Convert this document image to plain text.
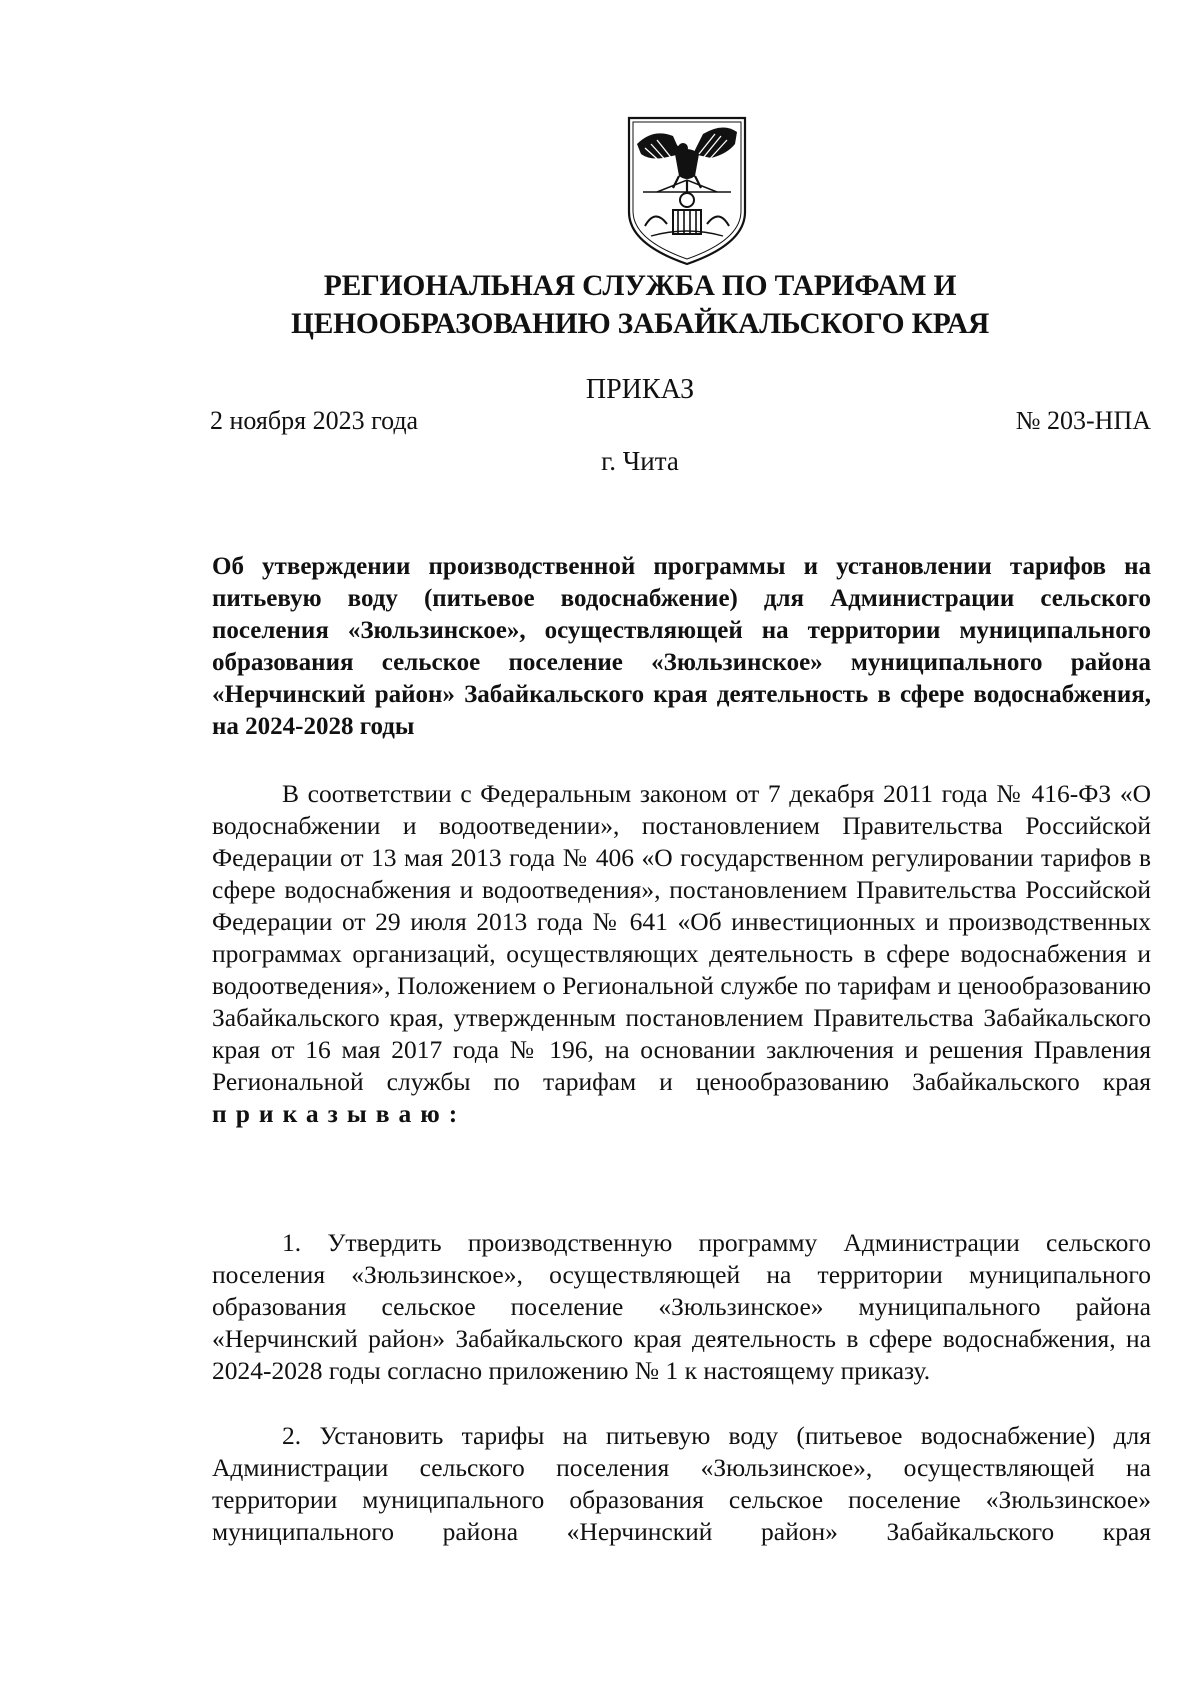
РЕГИОНАЛЬНАЯ СЛУЖБА ПО ТАРИФАМ И
ЦЕНООБРАЗОВАНИЮ ЗАБАЙКАЛЬСКОГО КРАЯ
ПРИКАЗ
2 ноября 2023 года	№ 203-НПА
г. Чита

Об утверждении производственной программы и установлении тарифов на питьевую воду (питьевое водоснабжение) для Администрации сельского поселения «Зюльзинское», осуществляющей на территории муниципального образования сельское поселение «Зюльзинское» муниципального района «Нерчинский район» Забайкальского края деятельность в сфере водоснабжения, на 2024-2028 годы

В соответствии с Федеральным законом от 7 декабря 2011 года № 416-ФЗ «О водоснабжении и водоотведении», постановлением Правительства Российской Федерации от 13 мая 2013 года № 406 «О государственном регулировании тарифов в сфере водоснабжения и водоотведения», постановлением Правительства Российской Федерации от 29 июля 2013 года № 641 «Об инвестиционных и производственных программах организаций, осуществляющих деятельность в сфере водоснабжения и водоотведения», Положением о Региональной службе по тарифам и ценообразованию Забайкальского края, утвержденным постановлением Правительства Забайкальского края от 16 мая 2017 года № 196, на основании заключения и решения Правления Региональной службы по тарифам и ценообразованию Забайкальского края приказываю:

1. Утвердить производственную программу Администрации сельского поселения «Зюльзинское», осуществляющей на территории муниципального образования сельское поселение «Зюльзинское» муниципального района «Нерчинский район» Забайкальского края деятельность в сфере водоснабжения, на 2024-2028 годы согласно приложению № 1 к настоящему приказу.

2. Установить тарифы на питьевую воду (питьевое водоснабжение) для Администрации сельского поселения «Зюльзинское», осуществляющей на территории муниципального образования сельское поселение «Зюльзинское» муниципального района «Нерчинский район» Забайкальского края
